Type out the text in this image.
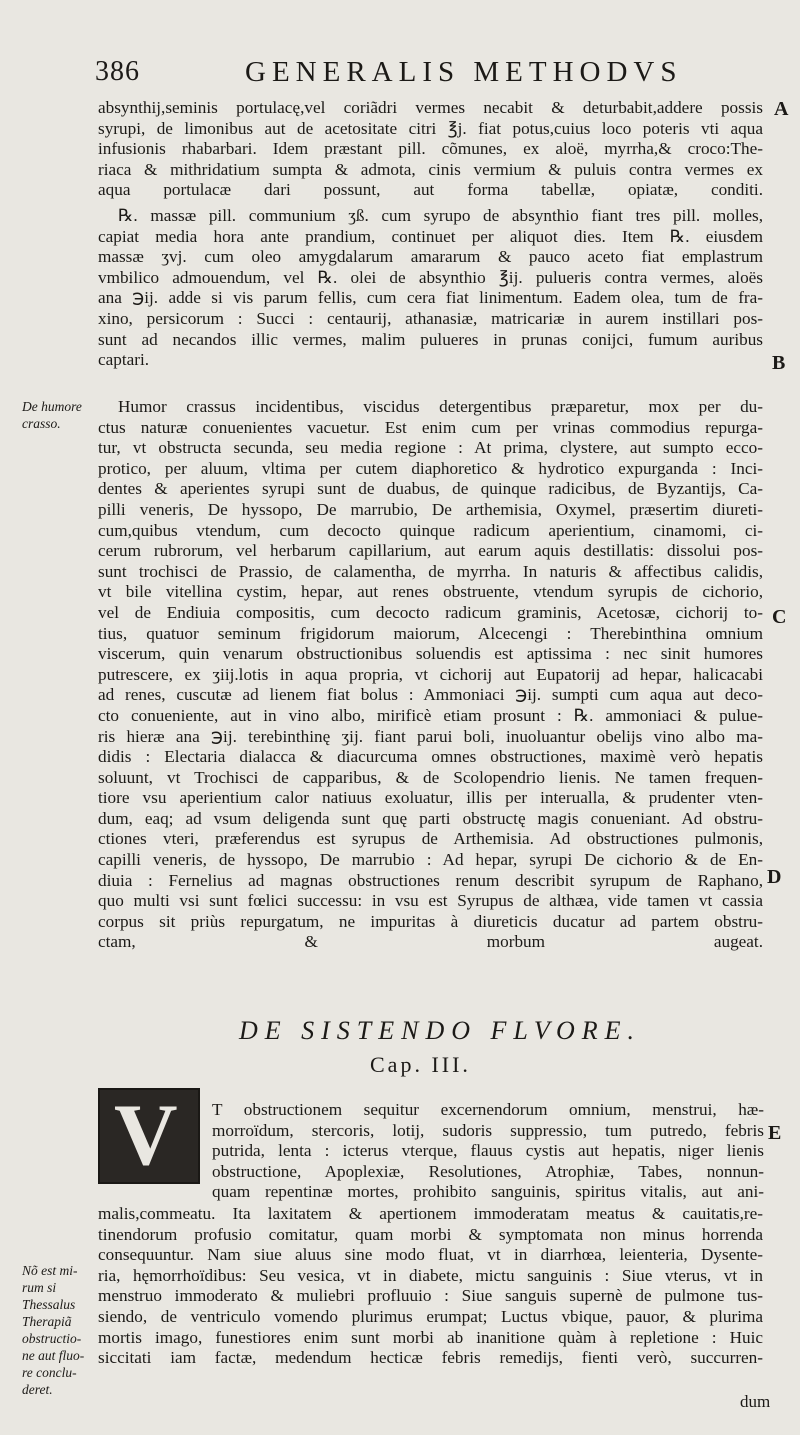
386	GENERALIS METHODVS
absynthij,seminis portulacę,vel coriãdri vermes necabit & deturbabit,addere possis
syrupi, de limonibus aut de acetositate citri ℥j. fiat potus,cuius loco poteris vti aqua
infusionis rhabarbari. Idem præstant pill. cõmunes, ex aloë, myrrha,& croco:The-
riaca & mithridatium sumpta & admota, cinis vermium & puluis contra vermes ex
aqua portulacæ dari possunt, aut forma tabellæ, opiatæ, conditi.
℞. massæ pill. communium ʒß. cum syrupo de absynthio fiant tres pill. molles,
capiat media hora ante prandium, continuet per aliquot dies. Item ℞. eiusdem
massæ ʒvj. cum oleo amygdalarum amararum & pauco aceto fiat emplastrum
vmbilico admouendum, vel ℞. olei de absynthio ℥ij. pulueris contra vermes, aloës
ana ℈ij. adde si vis parum fellis, cum cera fiat linimentum. Eadem olea, tum de fra-
xino, persicorum : Succi : centaurij, athanasiæ, matricariæ in aurem instillari pos-
sunt ad necandos illic vermes, malim pulueres in prunas conijci, fumum auribus
captari.
Humor crassus incidentibus, viscidus detergentibus præparetur, mox per du-
ctus naturæ conuenientes vacuetur. Est enim cum per vrinas commodius repurga-
tur, vt obstructa secunda, seu media regione : At prima, clystere, aut sumpto ecco-
protico, per aluum, vltima per cutem diaphoretico & hydrotico expurganda : Inci-
dentes & aperientes syrupi sunt de duabus, de quinque radicibus, de Byzantijs, Ca-
pilli veneris, De hyssopo, De marrubio, De arthemisia, Oxymel, præsertim diureti-
cum,quibus vtendum, cum decocto quinque radicum aperientium, cinamomi, ci-
cerum rubrorum, vel herbarum capillarium, aut earum aquis destillatis: dissolui pos-
sunt trochisci de Prassio, de calamentha, de myrrha. In naturis & affectibus calidis,
vt bile vitellina cystim, hepar, aut renes obstruente, vtendum syrupis de cichorio,
vel de Endiuia compositis, cum decocto radicum graminis, Acetosæ, cichorij to-
tius, quatuor seminum frigidorum maiorum, Alcecengi : Therebinthina omnium
viscerum, quin venarum obstructionibus soluendis est aptissima : nec sinit humores
putrescere, ex ʒiij.lotis in aqua propria, vt cichorij aut Eupatorij ad hepar, halicacabi
ad renes, cuscutæ ad lienem fiat bolus : Ammoniaci ℈ij. sumpti cum aqua aut deco-
cto conueniente, aut in vino albo, mirificè etiam prosunt : ℞. ammoniaci & pulue-
ris hieræ ana ℈ij. terebinthinę ʒij. fiant parui boli, inuoluantur obelijs vino albo ma-
didis : Electaria dialacca & diacurcuma omnes obstructiones, maximè verò hepatis
soluunt, vt Trochisci de capparibus, & de Scolopendrio lienis. Ne tamen frequen-
tiore vsu aperientium calor natiuus exoluatur, illis per interualla, & prudenter vten-
dum, eaq; ad vsum deligenda sunt quę parti obstructę magis conueniant. Ad obstru-
ctiones vteri, præferendus est syrupus de Arthemisia. Ad obstructiones pulmonis,
capilli veneris, de hyssopo, De marrubio : Ad hepar, syrupi De cichorio & de En-
diuia : Fernelius ad magnas obstructiones renum describit syrupum de Raphano,
quo multi vsi sunt fœlici successu: in vsu est Syrupus de althæa, vide tamen vt cassia
corpus sit priùs repurgatum, ne impuritas à diureticis ducatur ad partem obstru-
ctam, & morbum augeat.
DE SISTENDO FLVORE.
Cap. III.
V T obstructionem sequitur excernendorum omnium, menstrui, hæ-
morroïdum, stercoris, lotij, sudoris suppressio, tum putredo, febris
putrida, lenta : icterus vterque, flauus cystis aut hepatis, niger lienis
obstructione, Apoplexiæ, Resolutiones, Atrophiæ, Tabes, nonnun-
quam repentinæ mortes, prohibito sanguinis, spiritus vitalis, aut ani-
malis,commeatu. Ita laxitatem & apertionem immoderatam meatus & cauitatis,re-
tinendorum profusio comitatur, quam morbi & symptomata non minus horrenda
consequuntur. Nam siue aluus sine modo fluat, vt in diarrhœa, leienteria, Dysente-
ria, hęmorrhoïdibus: Seu vesica, vt in diabete, mictu sanguinis : Siue vterus, vt in
menstruo immoderato & muliebri profluuio : Siue sanguis supernè de pulmone tus-
siendo, de ventriculo vomendo plurimus erumpat; Luctus vbique, pauor, & plurima
mortis imago, funestiores enim sunt morbi ab inanitione quàm à repletione : Huic
siccitati iam factæ, medendum hecticæ febris remedijs, fienti verò, succurren-
A
B
C
D
E
De humore
crasso.
Nõ est mi-
rum si
Thessalus
Therapiã
obstructio-
ne aut fluo-
re conclu-
deret.
dum
